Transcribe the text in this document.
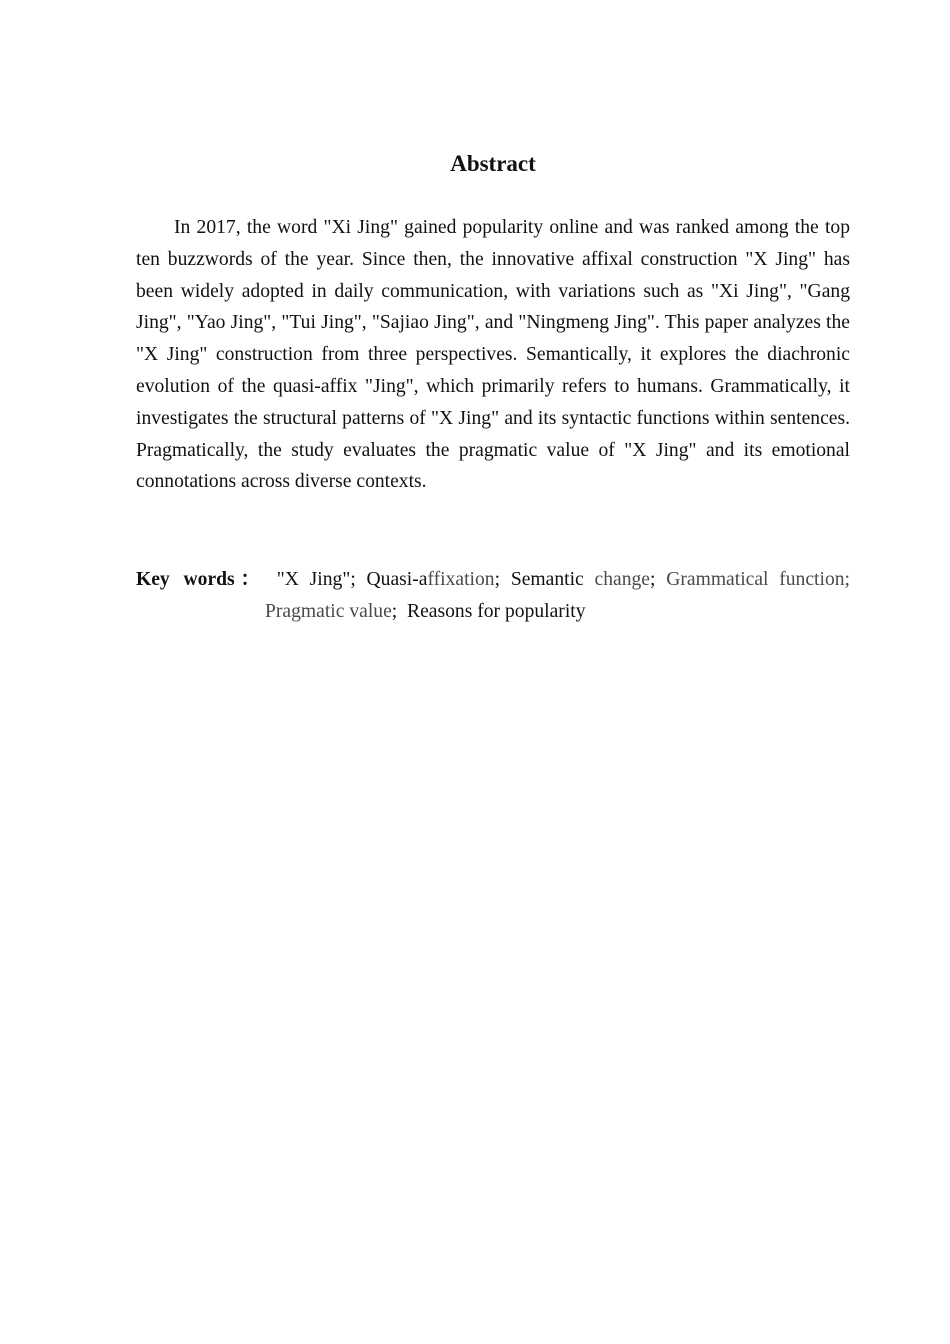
Abstract

In 2017, the word "Xi Jing" gained popularity online and was ranked among the top ten buzzwords of the year. Since then, the innovative affixal construction "X Jing" has been widely adopted in daily communication, with variations such as "Xi Jing", "Gang Jing", "Yao Jing", "Tui Jing", "Sajiao Jing", and "Ningmeng Jing". This paper analyzes the "X Jing" construction from three perspectives. Semantically, it explores the diachronic evolution of the quasi-affix "Jing", which primarily refers to humans. Grammatically, it investigates the structural patterns of "X Jing" and its syntactic functions within sentences. Pragmatically, the study evaluates the pragmatic value of "X Jing" and its emotional connotations across diverse contexts.

Key words： "X Jing"; Quasi-affixation; Semantic change; Grammatical function; Pragmatic value; Reasons for popularity
